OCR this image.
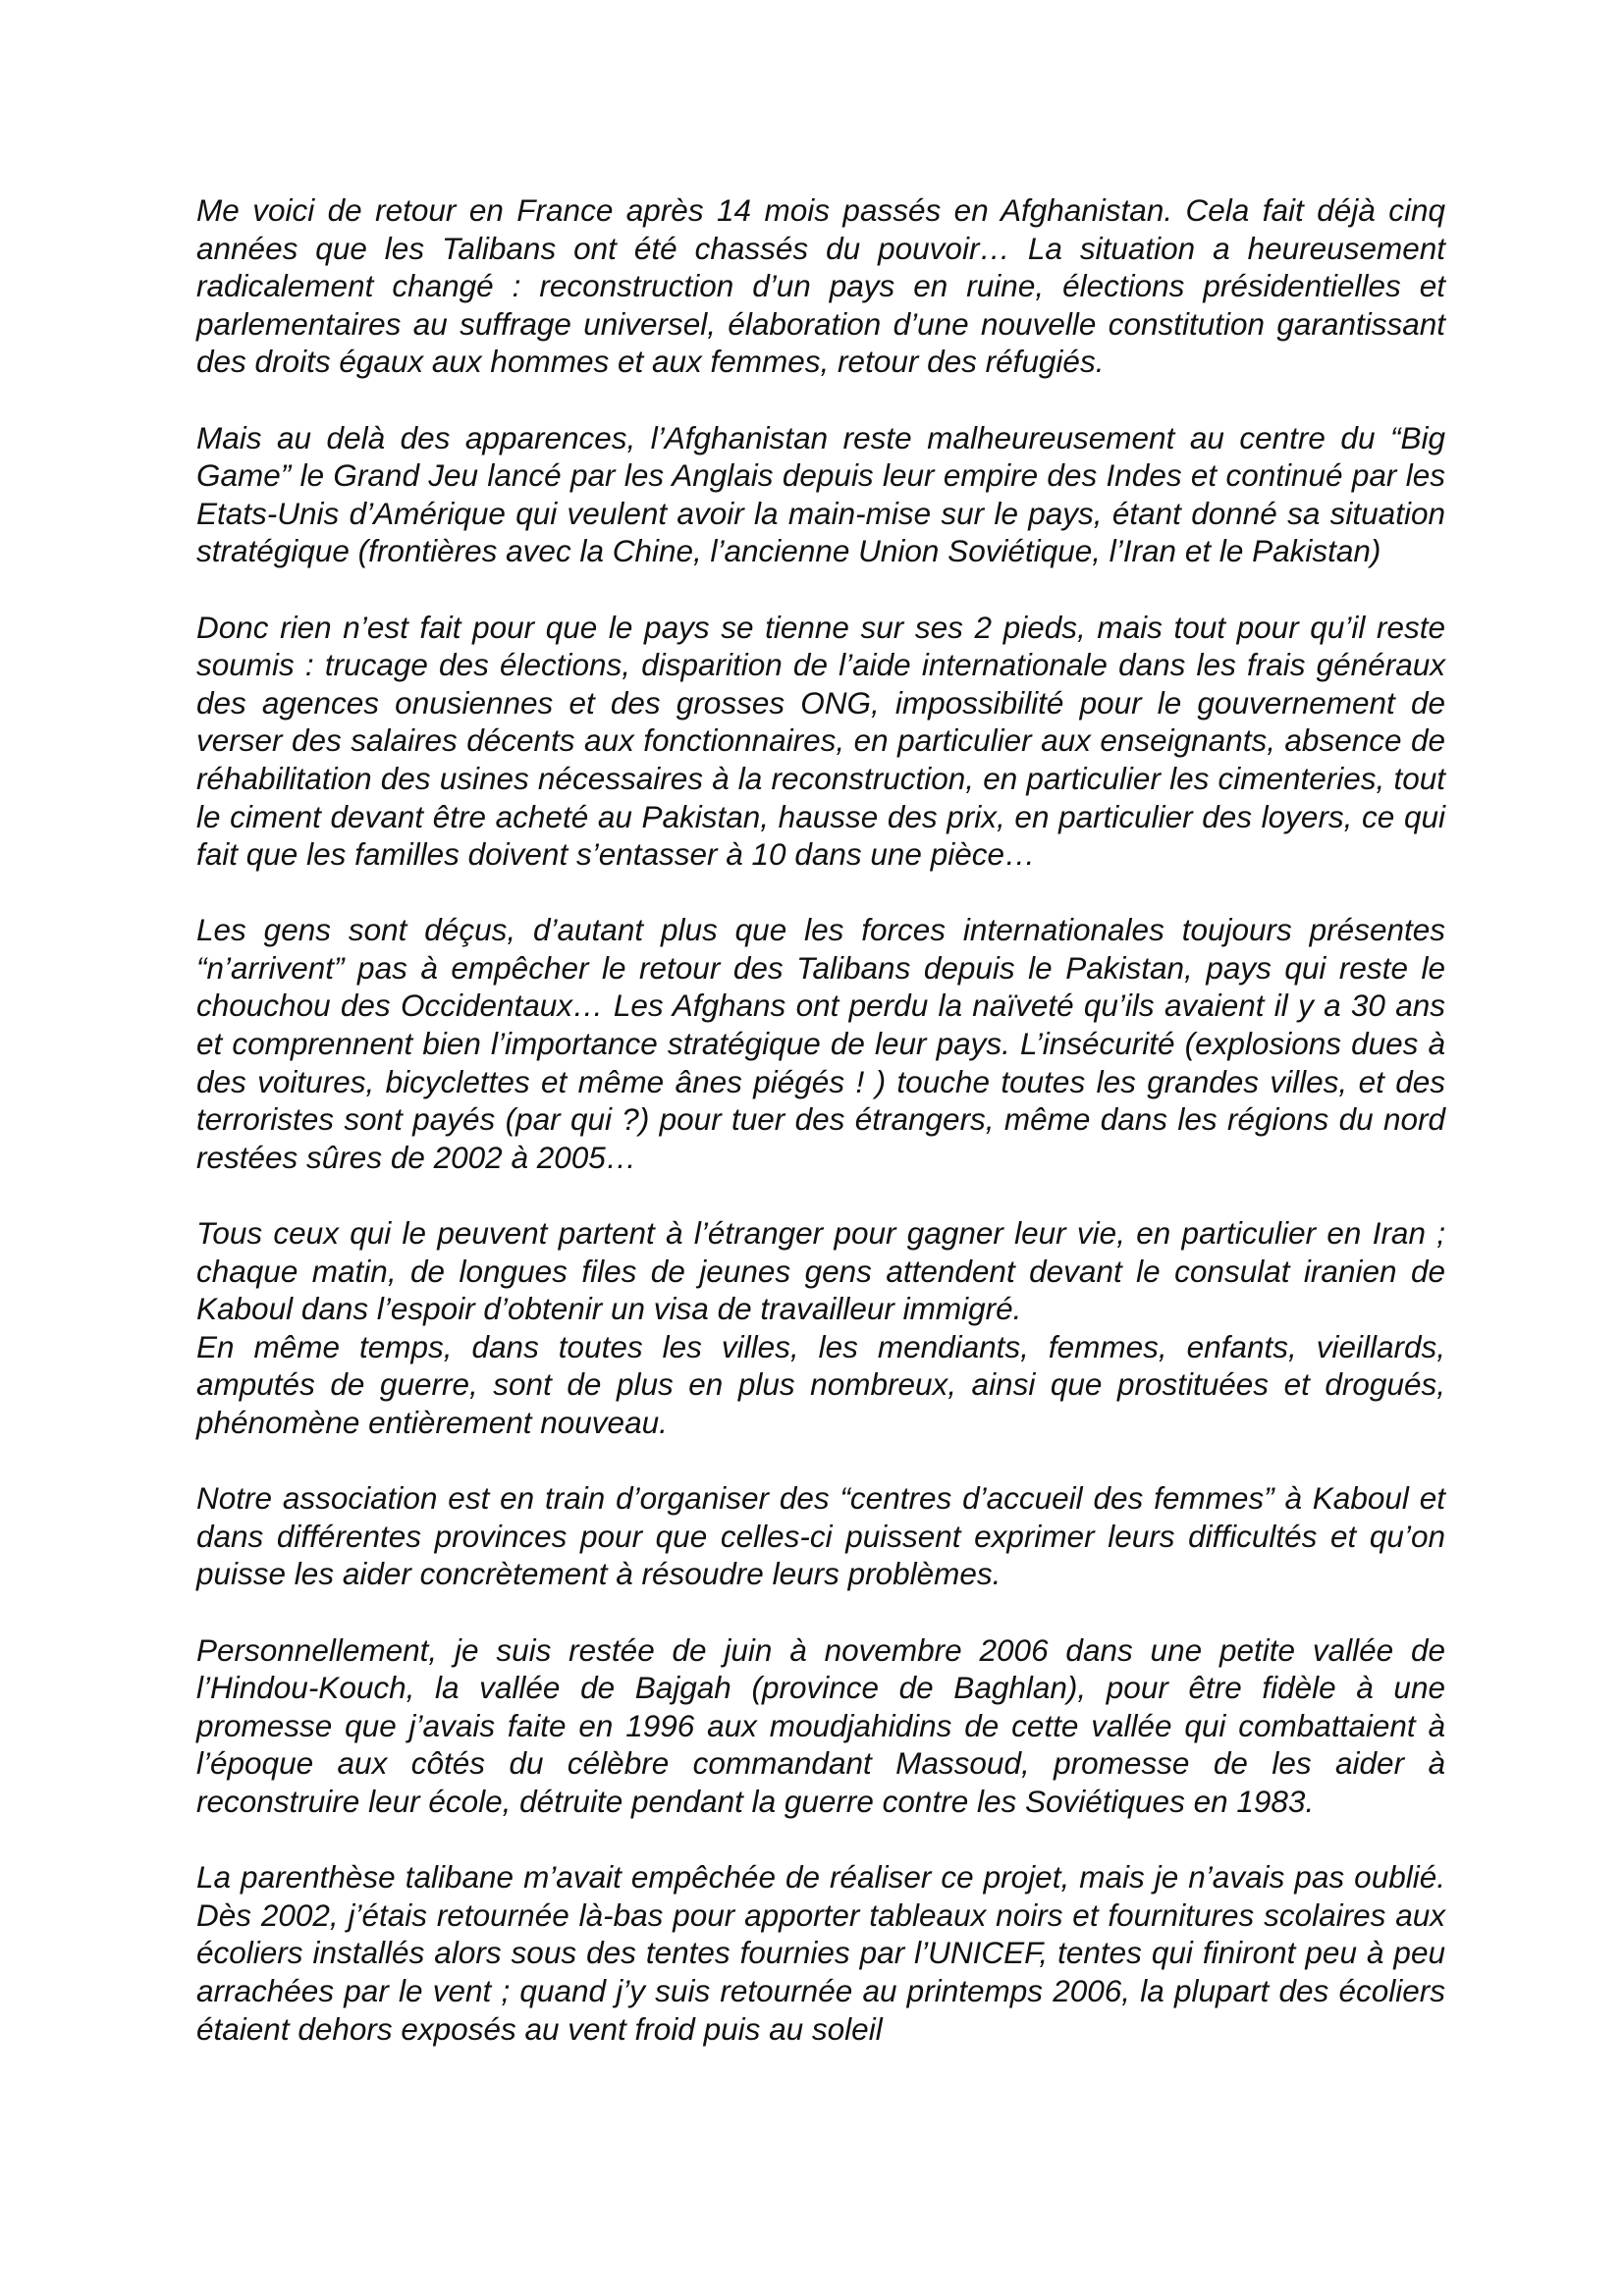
Me voici de retour en France après 14 mois passés en Afghanistan. Cela fait déjà cinq années que les Talibans ont été chassés du pouvoir… La situation a heureusement radicalement changé : reconstruction d’un pays en ruine, élections présidentielles et parlementaires au suffrage universel, élaboration d’une nouvelle constitution garantissant des droits égaux aux hommes et aux femmes, retour des réfugiés.

Mais au delà des apparences, l’Afghanistan reste malheureusement au centre du “Big Game” le Grand Jeu lancé par les Anglais depuis leur empire des Indes et continué par les Etats-Unis d’Amérique qui veulent avoir la main-mise sur le pays, étant donné sa situation stratégique (frontières avec la Chine, l’ancienne Union Soviétique, l’Iran et le Pakistan)

Donc rien n’est fait pour que le pays se tienne sur ses 2 pieds, mais tout pour qu’il reste soumis : trucage des élections, disparition de l’aide internationale dans les frais généraux des agences onusiennes et des grosses ONG, impossibilité pour le gouvernement de verser des salaires décents aux fonctionnaires, en particulier aux enseignants, absence de réhabilitation des usines nécessaires à la reconstruction, en particulier les cimenteries, tout le ciment devant être acheté au Pakistan, hausse des prix, en particulier des loyers, ce qui fait que les familles doivent s’entasser à 10 dans une pièce…

Les gens sont déçus, d’autant plus que les forces internationales toujours présentes “n’arrivent” pas à empêcher le retour des Talibans depuis le Pakistan, pays qui reste le chouchou des Occidentaux… Les Afghans ont perdu la naïveté qu’ils avaient il y a 30 ans et comprennent bien l’importance stratégique de leur pays. L’insécurité (explosions dues à des voitures, bicyclettes et même ânes piégés ! ) touche toutes les grandes villes, et des terroristes sont payés (par qui ?) pour tuer des étrangers, même dans les régions du nord restées sûres de 2002 à 2005…

Tous ceux qui le peuvent partent à l’étranger pour gagner leur vie, en particulier en Iran ; chaque matin, de longues files de jeunes gens attendent devant le consulat iranien de Kaboul dans l’espoir d’obtenir un visa de travailleur immigré.

En même temps, dans toutes les villes, les mendiants, femmes, enfants, vieillards, amputés de guerre, sont de plus en plus nombreux, ainsi que prostituées et drogués, phénomène entièrement nouveau.

Notre association est en train d’organiser des “centres d’accueil des femmes” à Kaboul et dans différentes provinces pour que celles-ci puissent exprimer leurs difficultés et qu’on puisse les aider concrètement à résoudre leurs problèmes.

Personnellement, je suis restée de juin à novembre 2006 dans une petite vallée de l’Hindou-Kouch, la vallée de Bajgah (province de Baghlan), pour être fidèle à une promesse que j’avais faite en 1996 aux moudjahidins de cette vallée qui combattaient à l’époque aux côtés du célèbre commandant Massoud, promesse de les aider à reconstruire leur école, détruite pendant la guerre contre les Soviétiques en 1983.

La parenthèse talibane m’avait empêchée de réaliser ce projet, mais je n’avais pas oublié. Dès 2002, j’étais retournée là-bas pour apporter tableaux noirs et fournitures scolaires aux écoliers installés alors sous des tentes fournies par l’UNICEF, tentes qui finiront peu à peu arrachées par le vent ; quand j’y suis retournée au printemps 2006, la plupart des écoliers étaient dehors exposés au vent froid puis au soleil
